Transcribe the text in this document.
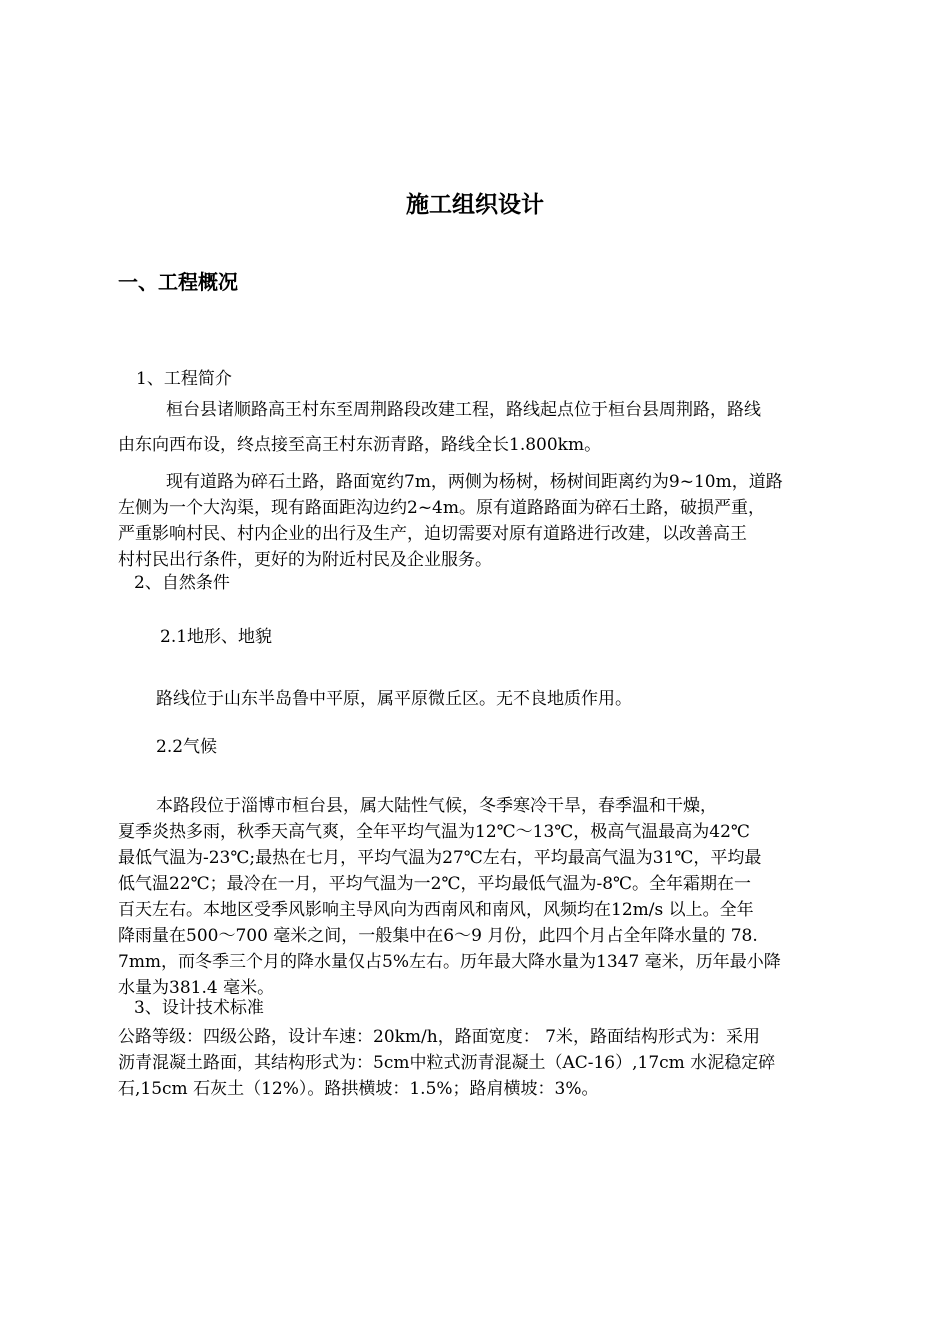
施工组织设计
一、工程概况

1、工程简介

桓台县诸顺路高王村东至周荆路段改建工程，路线起点位于桓台县周荆路，路线
由东向西布设，终点接至高王村东沥青路，路线全长1.800km。
现有道路为碎石土路，路面宽约7m，两侧为杨树，杨树间距离约为9~10m，道路
左侧为一个大沟渠，现有路面距沟边约2~4m。原有道路路面为碎石土路，破损严重，
严重影响村民、村内企业的出行及生产，迫切需要对原有道路进行改建，以改善高王
村村民出行条件，更好的为附近村民及企业服务。

2、自然条件

2.1地形、地貌

路线位于山东半岛鲁中平原，属平原微丘区。无不良地质作用。

2.2气候

本路段位于淄博市桓台县，属大陆性气候，冬季寒冷干旱，春季温和干燥，
夏季炎热多雨，秋季天高气爽，全年平均气温为12℃～13℃，极高气温最高为42℃
最低气温为-23℃;最热在七月，平均气温为27℃左右，平均最高气温为31℃，平均最
低气温22℃；最冷在一月，平均气温为一2℃，平均最低气温为-8℃。全年霜期在一
百天左右。本地区受季风影响主导风向为西南风和南风，风频均在12m/s 以上。全年
降雨量在500～700 毫米之间，一般集中在6～9 月份，此四个月占全年降水量的 78.
7mm，而冬季三个月的降水量仅占5%左右。历年最大降水量为1347 毫米，历年最小降
水量为381.4 毫米。

3、设计技术标准

公路等级：四级公路，设计车速：20km/h，路面宽度： 7米，路面结构形式为：采用
沥青混凝土路面，其结构形式为：5cm中粒式沥青混凝土（AC-16）,17cm 水泥稳定碎
石,15cm 石灰土（12%）。路拱横坡：1.5%；路肩横坡：3%。
